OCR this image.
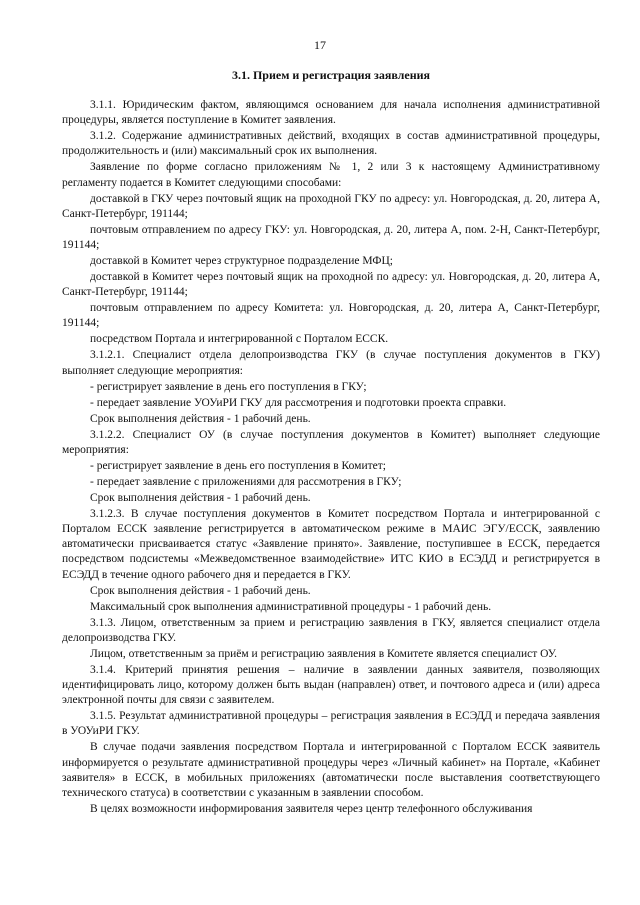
17
3.1. Прием и регистрация заявления

3.1.1. Юридическим фактом, являющимся основанием для начала исполнения административной процедуры, является поступление в Комитет заявления.

3.1.2. Содержание административных действий, входящих в состав административной процедуры, продолжительность и (или) максимальный срок их выполнения.

Заявление по форме согласно приложениям № 1, 2 или 3 к настоящему Административному регламенту подается в Комитет следующими способами:

доставкой в ГКУ через почтовый ящик на проходной ГКУ по адресу: ул. Новгородская, д. 20, литера А, Санкт-Петербург, 191144;

почтовым отправлением по адресу ГКУ: ул. Новгородская, д. 20, литера А, пом. 2-Н, Санкт-Петербург, 191144;

доставкой в Комитет через структурное подразделение МФЦ;

доставкой в Комитет через почтовый ящик на проходной по адресу: ул. Новгородская, д. 20, литера А, Санкт-Петербург, 191144;

почтовым отправлением по адресу Комитета: ул. Новгородская, д. 20, литера А, Санкт-Петербург, 191144;

посредством Портала и интегрированной с Порталом ЕССК.

3.1.2.1. Специалист отдела делопроизводства ГКУ (в случае поступления документов в ГКУ) выполняет следующие мероприятия:

- регистрирует заявление в день его поступления в ГКУ;

- передает заявление УОУиРИ ГКУ для рассмотрения и подготовки проекта справки.

Срок выполнения действия - 1 рабочий день.

3.1.2.2. Специалист ОУ (в случае поступления документов в Комитет) выполняет следующие мероприятия:

- регистрирует заявление в день его поступления в Комитет;

- передает заявление с приложениями для рассмотрения в ГКУ;

Срок выполнения действия - 1 рабочий день.

3.1.2.3. В случае поступления документов в Комитет посредством Портала и интегрированной с Порталом ЕССК заявление регистрируется в автоматическом режиме в МАИС ЭГУ/ЕССК, заявлению автоматически присваивается статус «Заявление принято». Заявление, поступившее в ЕССК, передается посредством подсистемы «Межведомственное взаимодействие» ИТС КИО в ЕСЭДД и регистрируется в ЕСЭДД в течение одного рабочего дня и передается в ГКУ.

Срок выполнения действия - 1 рабочий день.

Максимальный срок выполнения административной процедуры - 1 рабочий день.

3.1.3. Лицом, ответственным за прием и регистрацию заявления в ГКУ, является специалист отдела делопроизводства ГКУ.

Лицом, ответственным за приём и регистрацию заявления в Комитете является специалист ОУ.

3.1.4. Критерий принятия решения – наличие в заявлении данных заявителя, позволяющих идентифицировать лицо, которому должен быть выдан (направлен) ответ, и почтового адреса и (или) адреса электронной почты для связи с заявителем.

3.1.5. Результат административной процедуры – регистрация заявления в ЕСЭДД и передача заявления в УОУиРИ ГКУ.

В случае подачи заявления посредством Портала и интегрированной с Порталом ЕССК заявитель информируется о результате административной процедуры через «Личный кабинет» на Портале, «Кабинет заявителя» в ЕССК, в мобильных приложениях (автоматически после выставления соответствующего технического статуса) в соответствии с указанным в заявлении способом.

В целях возможности информирования заявителя через центр телефонного обслуживания
